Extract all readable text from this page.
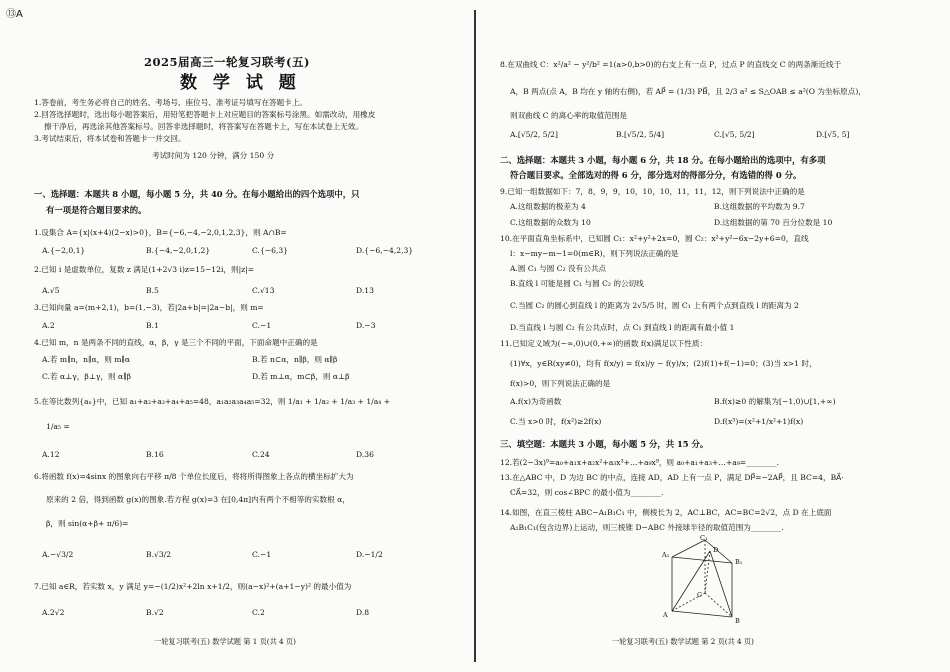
⑬A
2025届高三一轮复习联考(五)
数 学 试 题
1.答卷前，考生务必将自己的姓名、考场号、座位号、准考证号填写在答题卡上。
2.回答选择题时，选出每小题答案后，用铅笔把答题卡上对应题目的答案标号涂黑。如需改动，用橡皮
擦干净后，再选涂其他答案标号。回答非选择题时，将答案写在答题卡上，写在本试卷上无效。
3.考试结束后，将本试卷和答题卡一并交回。
考试时间为 120 分钟，满分 150 分
一、选择题：本题共 8 小题，每小题 5 分，共 40 分。在每小题给出的四个选项中，只
有一项是符合题目要求的。
1.设集合 A={x|(x+4)(2−x)>0}，B={−6,−4,−2,0,1,2,3}，则 A∩B=
A.{−2,0,1}	B.{−4,−2,0,1,2}	C.{−6,3}	D.{−6,−4,2,3}
2.已知 i 是虚数单位，复数 z 满足(1+2√3 i)z=15−12i，则|z|=
A.√5	B.5	C.√13	D.13
3.已知向量 a=(m+2,1)，b=(1,−3)，若|2a+b|=|2a−b|，则 m=
A.2	B.1	C.−1	D.−3
4.已知 m，n 是两条不同的直线，α，β，γ 是三个不同的平面，下面命题中正确的是
A.若 m∥n，n∥α，则 m∥α	B.若 n⊂α，n∥β，则 α∥β
C.若 α⊥γ，β⊥γ，则 α∥β	D.若 m⊥α，m⊂β，则 α⊥β
5.在等比数列{aₙ}中，已知 a₁+a₂+a₃+a₄+a₅=48，a₁a₂a₃a₄a₅=32，则 1/a₁ + 1/a₂ + 1/a₃ + 1/a₄ +
1/a₅ =
A.12	B.16	C.24	D.36
6.将函数 f(x)=4sinx 的图象向右平移 π/8 个单位长度后，将将所得图象上各点的横坐标扩大为
原来的 2 倍，得到函数 g(x)的图象.若方程 g(x)=3 在[0,4π]内有两个不相等的实数根 α，
β，则 sin(α+β+ π/6)=
A.−√3/2	B.√3/2	C.−1	D.−1/2
7.已知 a∈R，若实数 x，y 满足 y=−(1/2)x²+2ln x+1/2，则(a−x)²+(a+1−y)² 的最小值为
A.2√2	B.√2	C.2	D.8
一轮复习联考(五) 数学试题 第 1 页(共 4 页)
8.在双曲线 C：x²/a² − y²/b² =1(a>0,b>0)的右支上有一点 P，过点 P 的直线交 C 的两条渐近线于
A，B 两点(点 A，B 均在 y 轴的右侧)，若 AP⃗ = (1/3) PB⃗，且 2/3 a² ≤ S△OAB ≤ a²(O 为坐标原点)，
则双曲线 C 的离心率的取值范围是
A.[√5/2, 5/2]	B.[√5/2, 5/4]	C.[√5, 5/2]	D.[√5, 5]
二、选择题：本题共 3 小题，每小题 6 分，共 18 分。在每小题给出的选项中，有多项
符合题目要求。全部选对的得 6 分，部分选对的得部分分，有选错的得 0 分。
9.已知一组数据如下：7，8，9，9，10，10，10，11，11，12，则下列说法中正确的是
A.这组数据的极差为 4	B.这组数据的平均数为 9.7
C.这组数据的众数为 10	D.这组数据的第 70 百分位数是 10
10.在平面直角坐标系中，已知圆 C₁：x²+y²+2x=0，圆 C₂：x²+y²−6x−2y+6=0，直线
l：x−my−m−1=0(m∈R)，则下列说法正确的是
A.圆 C₁ 与圆 C₂ 没有公共点
B.直线 l 可能是圆 C₁ 与圆 C₂ 的公切线
C.当圆 C₂ 的圆心到直线 l 的距离为 2√5/5 时，圆 C₁ 上有两个点到直线 l 的距离为 2
D.当直线 l 与圆 C₂ 有公共点时，点 C₁ 到直线 l 的距离有最小值 1
11.已知定义域为(−∞,0)∪(0,+∞)的函数 f(x)满足以下性质：
(1)∀x，y∈R(xy≠0)，均有 f(x/y) = f(x)/y − f(y)/x；(2)f(1)+f(−1)=0；(3)当 x>1 时，
f(x)>0，则下列说法正确的是
A.f(x)为奇函数	B.f(x)≥0 的解集为[−1,0)∪[1,+∞)
C.当 x>0 时，f(x²)≥2f(x)	D.f(x³)=(x²+1/x²+1)f(x)
三、填空题：本题共 3 小题，每小题 5 分，共 15 分。
12.若(2−3x)⁹=a₀+a₁x+a₂x²+a₃x³+…+a₉x⁹，则 a₀+a₁+a₃+…+a₉=________.
13.在△ABC 中，D 为边 BC 的中点，连接 AD，AD 上有一点 P，满足 DP⃗=−2AP⃗，且 BC=4，BA⃗·
CA⃗=32，则 cos∠BPC 的最小值为________.
14.如图，在直三棱柱 ABC−A₁B₁C₁ 中，侧棱长为 2，AC⊥BC，AC=BC=2√2，点 D 在上底面
A₁B₁C₁(包含边界)上运动，则三棱锥 D−ABC 外接球半径的取值范围为________.
C₁
A₁
B₁
D
C
A
B
一轮复习联考(五) 数学试题 第 2 页(共 4 页)
